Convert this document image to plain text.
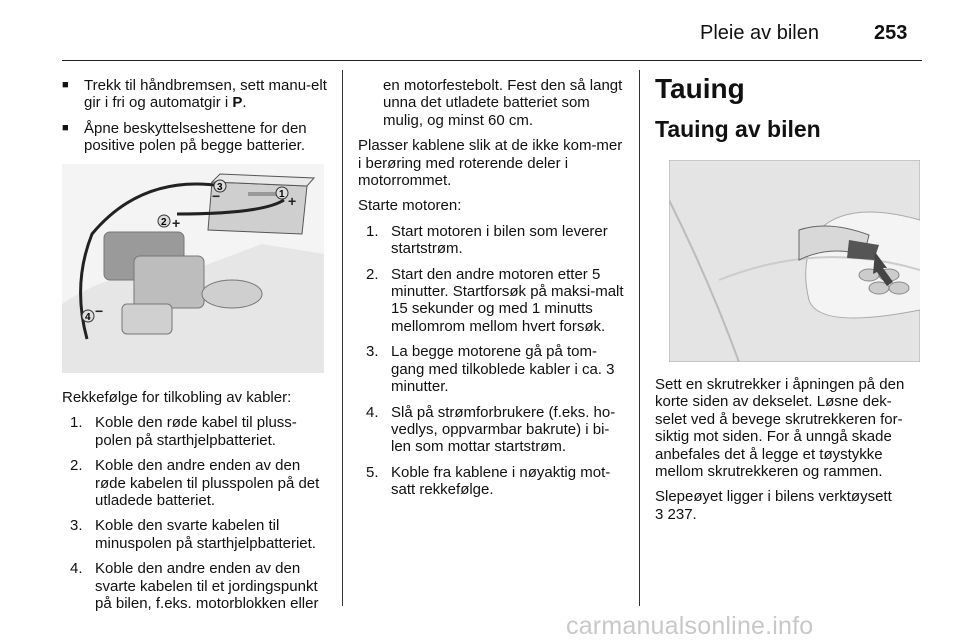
Pleie av bilen	253
■ Trekk til håndbremsen, sett manu-elt gir i fri og automatgir i P.
■ Åpne beskyttelseshettene for den positive polen på begge batterier.
1
2
3
4
+
+
−
−

Rekkefølge for tilkobling av kabler:

1. Koble den røde kabel til pluss-polen på starthjelpbatteriet.
2. Koble den andre enden av den røde kabelen til plusspolen på det utladede batteriet.
3. Koble den svarte kabelen til minuspolen på starthjelpbatteriet.
4. Koble den andre enden av den svarte kabelen til et jordingspunkt på bilen, f.eks. motorblokken eller

en motorfestebolt. Fest den så langt unna det utladete batteriet som mulig, og minst 60 cm.

Plasser kablene slik at de ikke kom-mer i berøring med roterende deler i motorrommet.

Starte motoren:

1. Start motoren i bilen som leverer startstrøm.
2. Start den andre motoren etter 5 minutter. Startforsøk på maksi-malt 15 sekunder og med 1 minutts mellomrom mellom hvert forsøk.
3. La begge motorene gå på tom-gang med tilkoblede kabler i ca. 3 minutter.
4. Slå på strømforbrukere (f.eks. ho-vedlys, oppvarmbar bakrute) i bi-len som mottar startstrøm.
5. Koble fra kablene i nøyaktig mot-satt rekkefølge.
Tauing
Tauing av bilen

Sett en skrutrekker i åpningen på den korte siden av dekselet. Løsne dek-selet ved å bevege skrutrekkeren for-siktig mot siden. For å unngå skade anbefales det å legge et tøystykke mellom skrutrekkeren og rammen.

Slepeøyet ligger i bilens verktøysett

3 237.

carmanualsonline.info
